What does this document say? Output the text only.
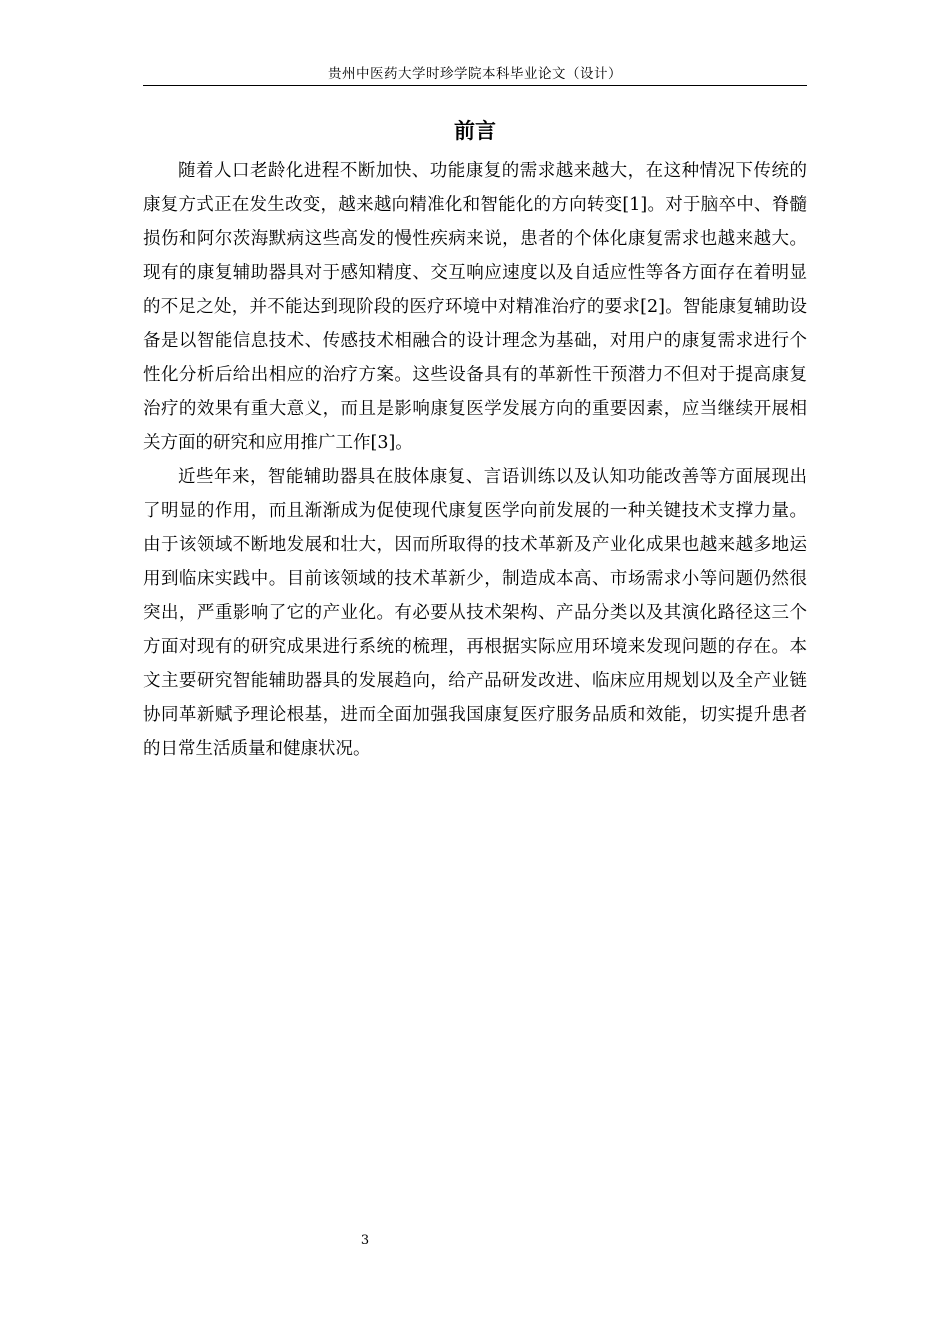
贵州中医药大学时珍学院本科毕业论文（设计）
前言

随着人口老龄化进程不断加快、功能康复的需求越来越大，在这种情况下传统的康复方式正在发生改变，越来越向精准化和智能化的方向转变[1]。对于脑卒中、脊髓损伤和阿尔茨海默病这些高发的慢性疾病来说，患者的个体化康复需求也越来越大。现有的康复辅助器具对于感知精度、交互响应速度以及自适应性等各方面存在着明显的不足之处，并不能达到现阶段的医疗环境中对精准治疗的要求[2]。智能康复辅助设备是以智能信息技术、传感技术相融合的设计理念为基础，对用户的康复需求进行个性化分析后给出相应的治疗方案。这些设备具有的革新性干预潜力不但对于提高康复治疗的效果有重大意义，而且是影响康复医学发展方向的重要因素，应当继续开展相关方面的研究和应用推广工作[3]。

近些年来，智能辅助器具在肢体康复、言语训练以及认知功能改善等方面展现出了明显的作用，而且渐渐成为促使现代康复医学向前发展的一种关键技术支撑力量。由于该领域不断地发展和壮大，因而所取得的技术革新及产业化成果也越来越多地运用到临床实践中。目前该领域的技术革新少，制造成本高、市场需求小等问题仍然很突出，严重影响了它的产业化。有必要从技术架构、产品分类以及其演化路径这三个方面对现有的研究成果进行系统的梳理，再根据实际应用环境来发现问题的存在。本文主要研究智能辅助器具的发展趋向，给产品研发改进、临床应用规划以及全产业链协同革新赋予理论根基，进而全面加强我国康复医疗服务品质和效能，切实提升患者的日常生活质量和健康状况。

3
